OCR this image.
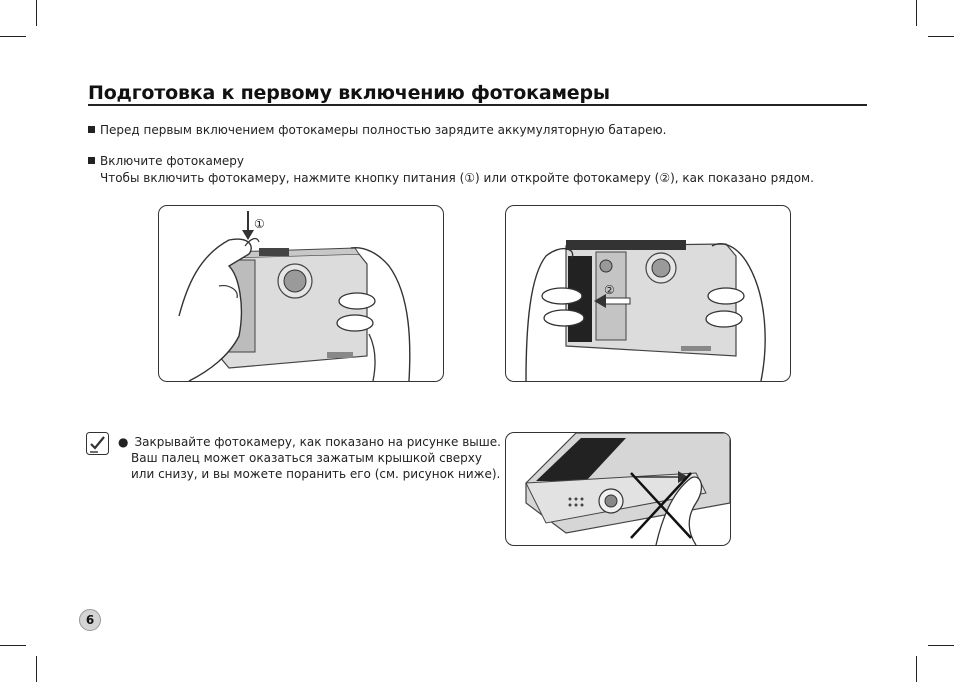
Подготовка к первому включению фотокамеры
Перед первым включением фотокамеры полностью зарядите аккумуляторную батарею.
Включите фотокамеру
Чтобы включить фотокамеру, нажмите кнопку питания (①) или откройте фотокамеру (②), как показано рядом.
①
②
● Закрывайте фотокамеру, как показано на рисунке выше.
Ваш палец может оказаться зажатым крышкой сверху
или снизу, и вы можете поранить его (см. рисунок ниже).
6
